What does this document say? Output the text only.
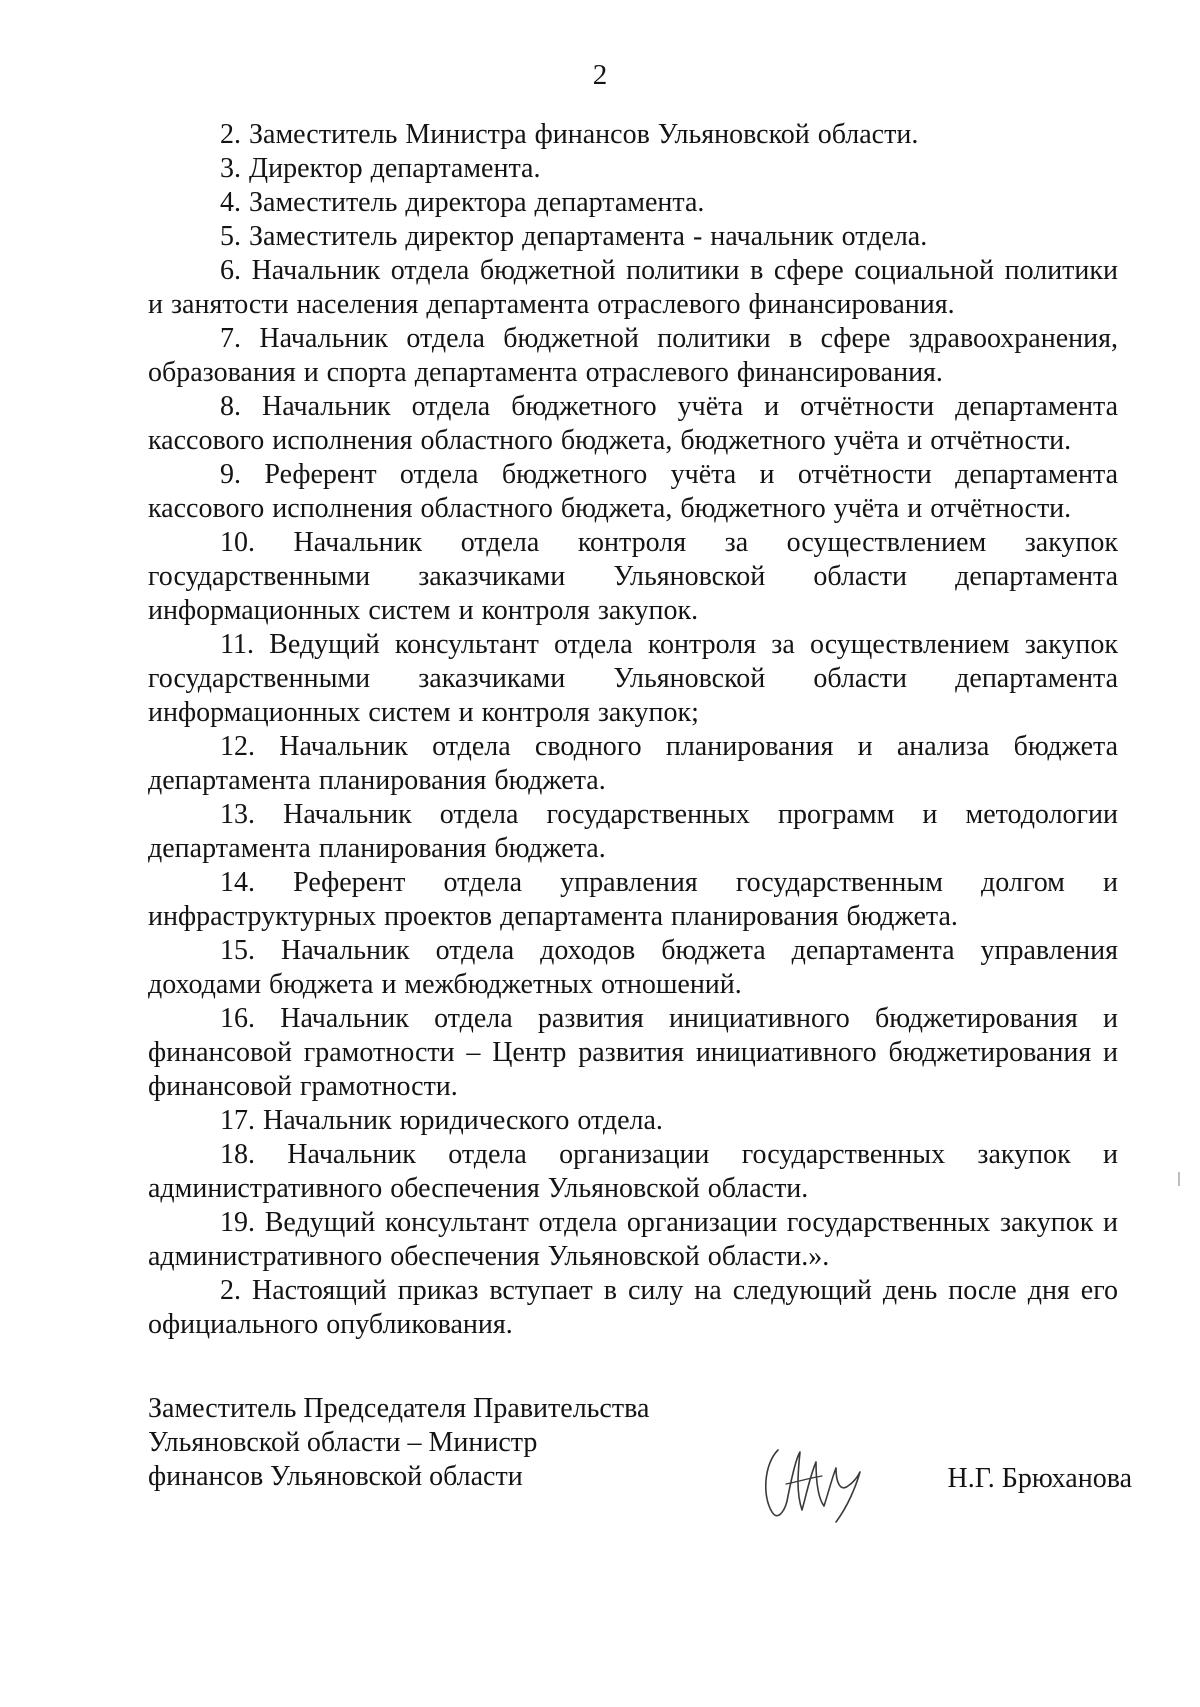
2

2. Заместитель Министра финансов Ульяновской области.

3. Директор департамента.

4. Заместитель директора департамента.

5. Заместитель директор департамента - начальник отдела.

6. Начальник отдела бюджетной политики в сфере социальной политики и занятости населения департамента отраслевого финансирования.

7. Начальник отдела бюджетной политики в сфере здравоохранения, образования и спорта департамента отраслевого финансирования.

8. Начальник отдела бюджетного учёта и отчётности департамента кассового исполнения областного бюджета, бюджетного учёта и отчётности.

9. Референт отдела бюджетного учёта и отчётности департамента кассового исполнения областного бюджета, бюджетного учёта и отчётности.

10. Начальник отдела контроля за осуществлением закупок государственными заказчиками Ульяновской области департамента информационных систем и контроля закупок.

11. Ведущий консультант отдела контроля за осуществлением закупок государственными заказчиками Ульяновской области департамента информационных систем и контроля закупок;

12. Начальник отдела сводного планирования и анализа бюджета департамента планирования бюджета.

13. Начальник отдела государственных программ и методологии департамента планирования бюджета.

14. Референт отдела управления государственным долгом и инфраструктурных проектов департамента планирования бюджета.

15. Начальник отдела доходов бюджета департамента управления доходами бюджета и межбюджетных отношений.

16. Начальник отдела развития инициативного бюджетирования и финансовой грамотности – Центр развития инициативного бюджетирования и финансовой грамотности.

17. Начальник юридического отдела.

18. Начальник отдела организации государственных закупок и административного обеспечения Ульяновской области.

19. Ведущий консультант отдела организации государственных закупок и административного обеспечения Ульяновской области.».

2. Настоящий приказ вступает в силу на следующий день после дня его официального опубликования.

Заместитель Председателя Правительства
Ульяновской области – Министр
финансов Ульяновской области	Н.Г. Брюханова
